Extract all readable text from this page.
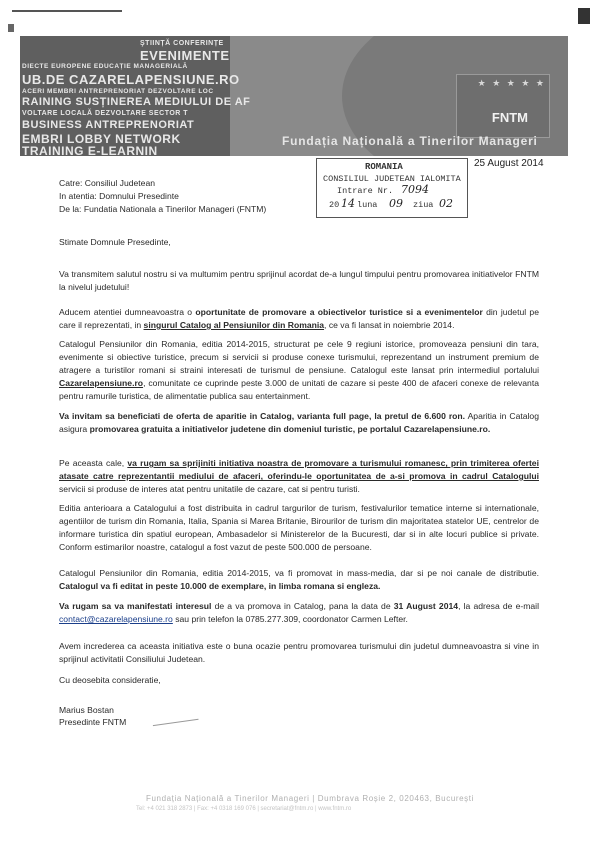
ŞTIINȚĂ CONFERINȚE
EVENIMENTE
DIECTE EUROPENE EDUCAȚIE MANAGERIALĂ
UB.DE CAZARELAPENSIUNE.RO
ACERI MEMBRI ANTREPRENORIAT DEZVOLTARE LOC
RAINING SUSȚINEREA MEDIULUI DE AF
VOLTARE LOCALĂ DEZVOLTARE SECTOR T
BUSINESS ANTREPRENORIAT
EMBRI LOBBY NETWORK
TRAINING E-LEARNIN
★ ★ ★ ★ ★
FNTM
Fundația Națională a Tinerilor Manageri
ROMANIA
CONSILIUL JUDETEAN IALOMITA
Intrare Nr. 7094
20 14 luna 09 ziua 02
25 August 2014
Catre: Consiliul Judetean
In atentia: Domnului Presedinte
De la: Fundatia Nationala a Tinerilor Manageri (FNTM)
Stimate Domnule Presedinte,
Va transmitem salutul nostru si va multumim pentru sprijinul acordat de-a lungul timpului pentru promovarea initiativelor FNTM la nivelul judetului!
Aducem atentiei dumneavoastra o oportunitate de promovare a obiectivelor turistice si a evenimentelor din judetul pe care il reprezentati, in singurul Catalog al Pensiunilor din Romania, ce va fi lansat in noiembrie 2014.
Catalogul Pensiunilor din Romania, editia 2014-2015, structurat pe cele 9 regiuni istorice, promoveaza pensiuni din tara, evenimente si obiective turistice, precum si servicii si produse conexe turismului, reprezentand un instrument premium de atragere a turistilor romani si straini interesati de turismul de pensiune. Catalogul este lansat prin intermediul portalului Cazarelapensiune.ro, comunitate ce cuprinde peste 3.000 de unitati de cazare si peste 400 de afaceri conexe de relevanta pentru ramurile turistica, de alimentatie publica sau entertainment.
Va invitam sa beneficiati de oferta de aparitie in Catalog, varianta full page, la pretul de 6.600 ron. Aparitia in Catalog asigura promovarea gratuita a initiativelor judetene din domeniul turistic, pe portalul Cazarelapensiune.ro.
Pe aceasta cale, va rugam sa sprijiniti initiativa noastra de promovare a turismului romanesc, prin trimiterea ofertei atasate catre reprezentantii mediului de afaceri, oferindu-le oportunitatea de a-si promova in cadrul Catalogului servicii si produse de interes atat pentru unitatile de cazare, cat si pentru turisti.
Editia anterioara a Catalogului a fost distribuita in cadrul targurilor de turism, festivalurilor tematice interne si internationale, agentiilor de turism din Romania, Italia, Spania si Marea Britanie, Birourilor de turism din majoritatea statelor UE, centrelor de informare turistica din spatiul european, Ambasadelor si Ministerelor de la Bucuresti, dar si in alte locuri publice si private. Conform estimarilor noastre, catalogul a fost vazut de peste 500.000 de persoane.
Catalogul Pensiunilor din Romania, editia 2014-2015, va fi promovat in mass-media, dar si pe noi canale de distributie. Catalogul va fi editat in peste 10.000 de exemplare, in limba romana si engleza.
Va rugam sa va manifestati interesul de a va promova in Catalog, pana la data de 31 August 2014, la adresa de e-mail contact@cazarelapensiune.ro sau prin telefon la 0785.277.309, coordonator Carmen Lefter.
Avem increderea ca aceasta initiativa este o buna ocazie pentru promovarea turismului din judetul dumneavoastra si vine in sprijinul activitatii Consiliului Judetean.
Cu deosebita consideratie,
Marius Bostan
Presedinte FNTM
Fundația Națională a Tinerilor Manageri | Dumbrava Roșie 2, 020463, București
Tel: +4 021 318 2873 | Fax: +4 0318 169 076 | secretariat@fntm.ro | www.fntm.ro
